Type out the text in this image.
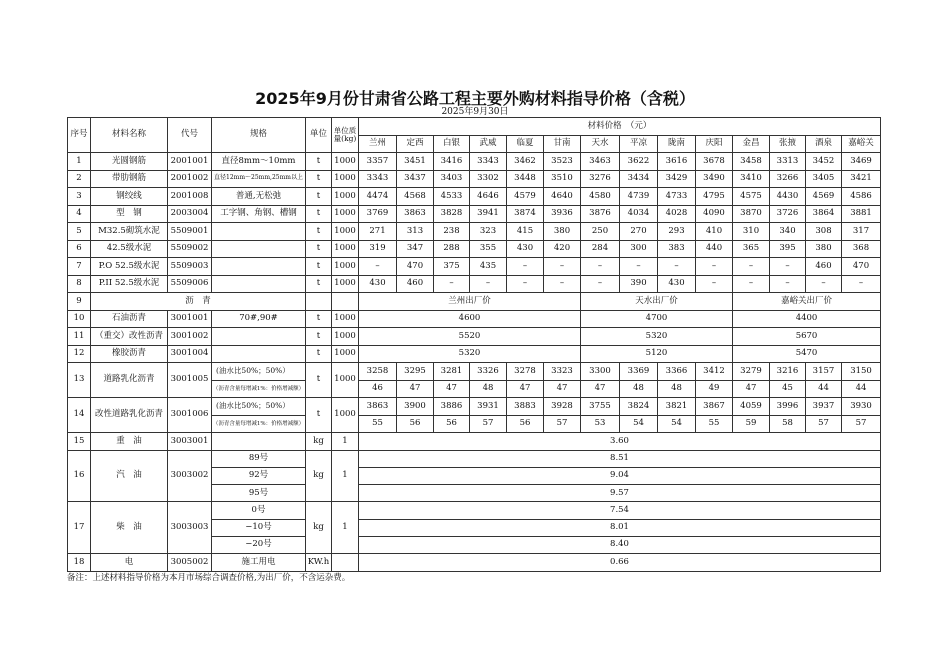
2025年9月份甘肃省公路工程主要外购材料指导价格（含税）
2025年9月30日
序号	材料名称	代号	规格	单位	单位质量(kg)	材料价格　（元）													
						兰州	定西	白银	武威	临夏	甘南	天水	平凉	陇南	庆阳	金昌	张掖	酒泉	嘉峪关
1	光圆钢筋	2001001	直径8mm～10mm	t	1000	3357	3451	3416	3343	3462	3523	3463	3622	3616	3678	3458	3313	3452	3469
2	带肋钢筋	2001002	直径12mm～25mm,25mm以上	t	1000	3343	3437	3403	3302	3448	3510	3276	3434	3429	3490	3410	3266	3405	3421
3	钢绞线	2001008	普通,无松弛	t	1000	4474	4568	4533	4646	4579	4640	4580	4739	4733	4795	4575	4430	4569	4586
4	型　钢	2003004	工字钢、角钢、槽钢	t	1000	3769	3863	3828	3941	3874	3936	3876	4034	4028	4090	3870	3726	3864	3881
5	M32.5砌筑水泥	5509001		t	1000	271	313	238	323	415	380	250	270	293	410	310	340	308	317
6	42.5级水泥	5509002		t	1000	319	347	288	355	430	420	284	300	383	440	365	395	380	368
7	P.O 52.5级水泥	5509003		t	1000	–	470	375	435	–	–	–	–	–	–	–	–	460	470
8	P.II 52.5级水泥	5509006		t	1000	430	460	–	–	–	–	–	390	430	–	–	–	–	–
9	沥　青					兰州出厂价						天水出厂价				嘉峪关出厂价			
10	石油沥青	3001001	70#,90#	t	1000	4600						4700				4400			
11	（重交）改性沥青	3001002		t	1000	5520						5320				5670			
12	橡胶沥青	3001004		t	1000	5320						5120				5470			
13	道路乳化沥青	3001005	(油水比50%；50%）	t	1000	3258	3295	3281	3326	3278	3323	3300	3369	3366	3412	3279	3216	3157	3150
			（沥青含量每增减1%：价格增减额）			46	47	47	48	47	47	47	48	48	49	47	45	44	44
14	改性道路乳化沥青	3001006	(油水比50%；50%）	t	1000	3863	3900	3886	3931	3883	3928	3755	3824	3821	3867	4059	3996	3937	3930
			（沥青含量每增减1%：价格增减额）			55	56	56	57	56	57	53	54	54	55	59	58	57	57
15	重　油	3003001		kg	1	3.60													
16	汽　油	3003002	89号	kg	1	8.51													
			92号			9.04													
			95号			9.57													
17	柴　油	3003003	0号	kg	1	7.54													
			−10号			8.01													
			−20号			8.40													
18	电	3005002	施工用电	KW.h		0.66													
备注：上述材料指导价格为本月市场综合调查价格,为出厂价，不含运杂费。
